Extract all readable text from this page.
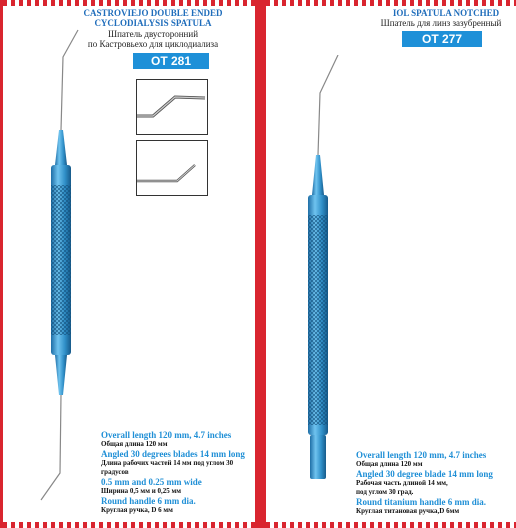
CASTROVIEJO DOUBLE ENDED
CYCLODIALYSIS SPATULA
Шпатель двусторонний
по Кастровьехо для циклодиализа
OT 281
Overall length 120 mm, 4.7 inches
Общая длина 120 мм
Angled 30 degrees blades 14 mm long
Длина рабочих частей 14 мм под углом 30
градусов
0.5 mm and 0.25 mm wide
Ширина 0,5 мм и 0,25 мм
Round handle 6 mm dia.
Круглая ручка, D 6 мм
IOL SPATULA NOTCHED
Шпатель для линз зазубренный
OT 277
Overall length 120 mm, 4.7 inches
Общая длина 120 мм
Angled 30 degree blade 14 mm long
Рабочая часть длиной 14 мм,
под углом 30 град.
Round titanium handle 6 mm dia.
Круглая титановая ручка,D 6мм
